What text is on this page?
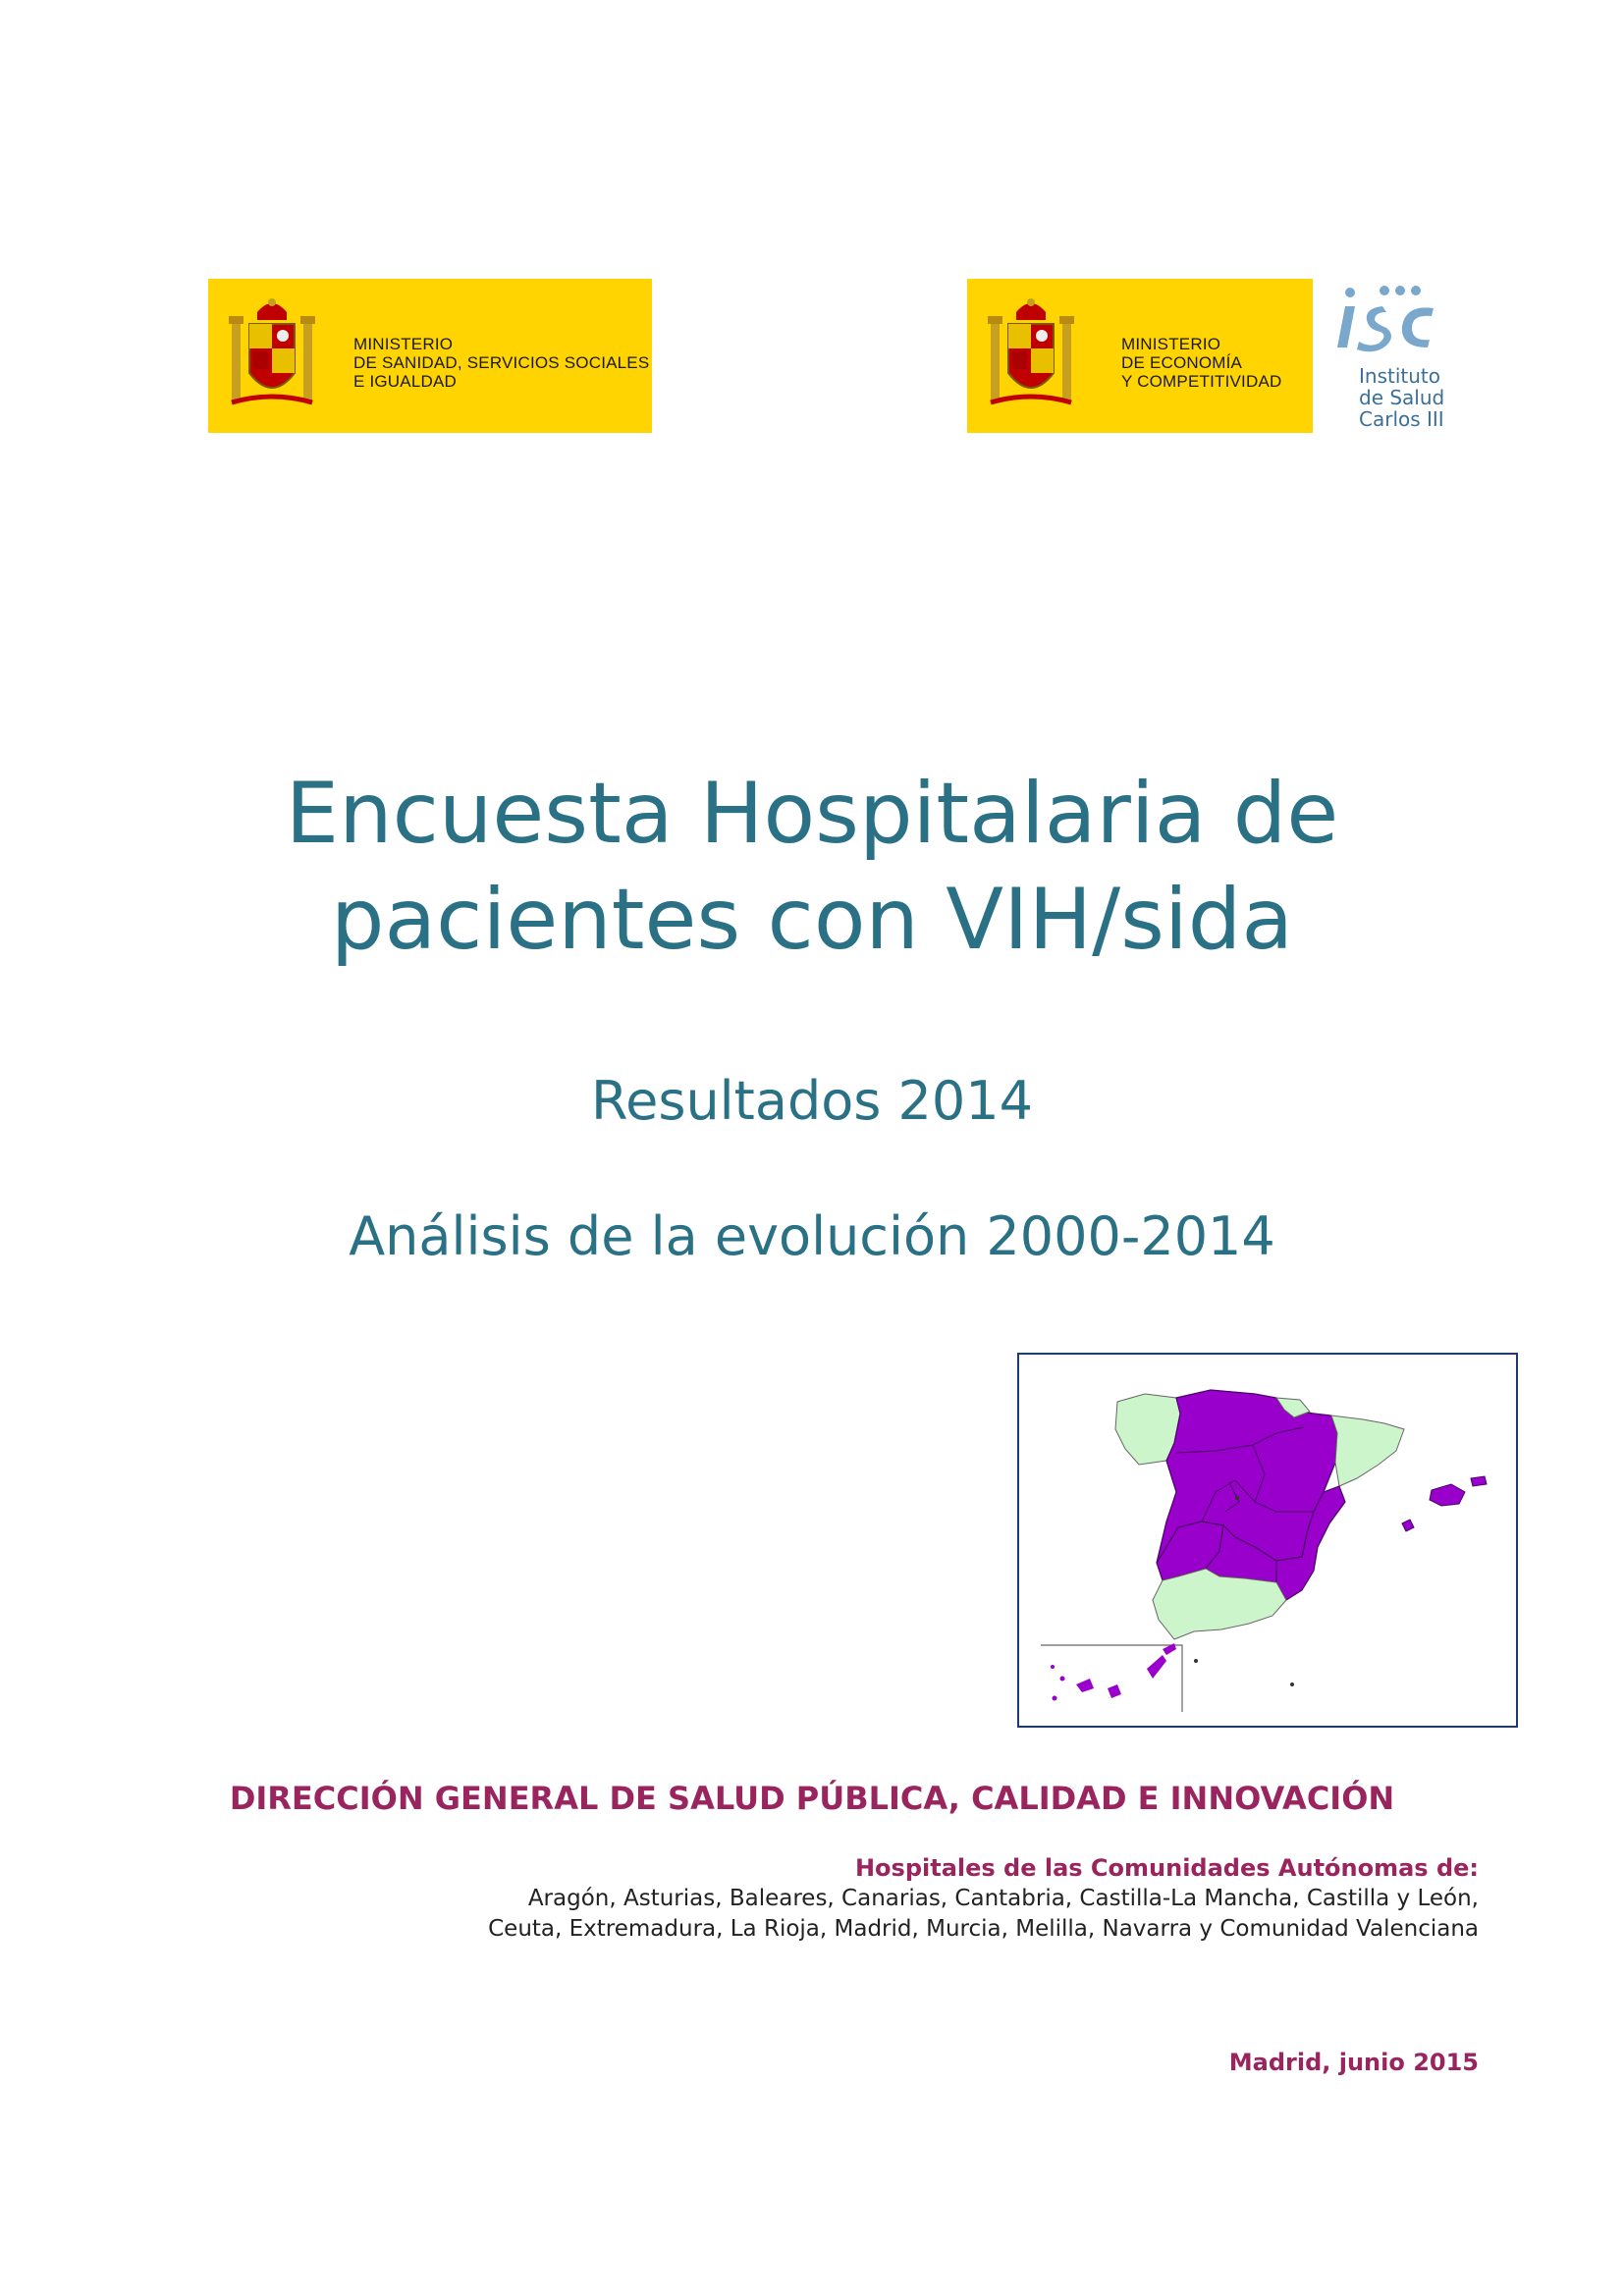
MINISTERIO
DE SANIDAD, SERVICIOS SOCIALES
E IGUALDAD
MINISTERIO
DE ECONOMÍA
Y COMPETITIVIDAD	Instituto
de Salud
Carlos III
Encuesta Hospitalaria de
pacientes con VIH/sida
Resultados 2014
Análisis de la evolución 2000-2014
DIRECCIÓN GENERAL DE SALUD PÚBLICA, CALIDAD E INNOVACIÓN
Hospitales de las Comunidades Autónomas de:
Aragón, Asturias, Baleares, Canarias, Cantabria, Castilla-La Mancha, Castilla y León,
Ceuta, Extremadura, La Rioja, Madrid, Murcia, Melilla, Navarra y Comunidad Valenciana
Madrid, junio 2015
